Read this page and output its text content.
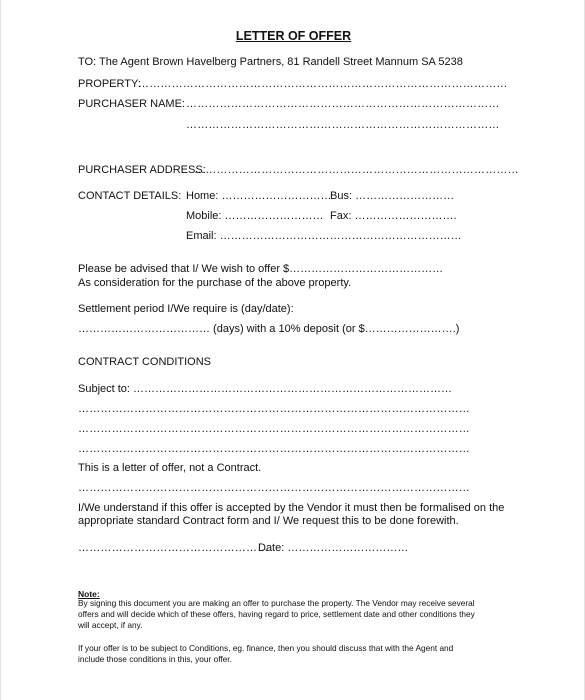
LETTER OF OFFER
TO: The Agent Brown Havelberg Partners, 81 Randell Street Mannum SA 5238
PROPERTY:
………………………………………………………………………………………
PURCHASER NAME: …………………………………………………………………………
…………………………………………………………………………
PURCHASER ADDRESS:
……………………………………………………………………………
CONTACT DETAILS: Home: …………………………
Bus: ………………………
Mobile: ……………………… Fax: ……………………….
Email: …………………………………………………………
Please be advised that I/ We wish to offer $……………………………………
As consideration for the purchase of the above property.
Settlement period I/We require is (day/date):
……………………………… (days) with a 10% deposit (or $…………………….)
CONTRACT CONDITIONS
Subject to: ……………………………………………………………………………
……………………………………………………………………………………………
……………………………………………………………………………………………
……………………………………………………………………………………………
This is a letter of offer, not a Contract.
……………………………………………………………………………………………
I/We understand if this offer is accepted by the Vendor it must then be formalised on the
appropriate standard Contract form and I/ We request this to be done forewith.
……………………………………………
Date: ……………………………
Note:
By signing this document you are making an offer to purchase the property. The Vendor may receive several
offers and will decide which of these offers, having regard to price, settlement date and other conditions they
will accept, if any.
If your offer is to be subject to Conditions, eg. finance, then you should discuss that with the Agent and
include those conditions in this, your offer.
